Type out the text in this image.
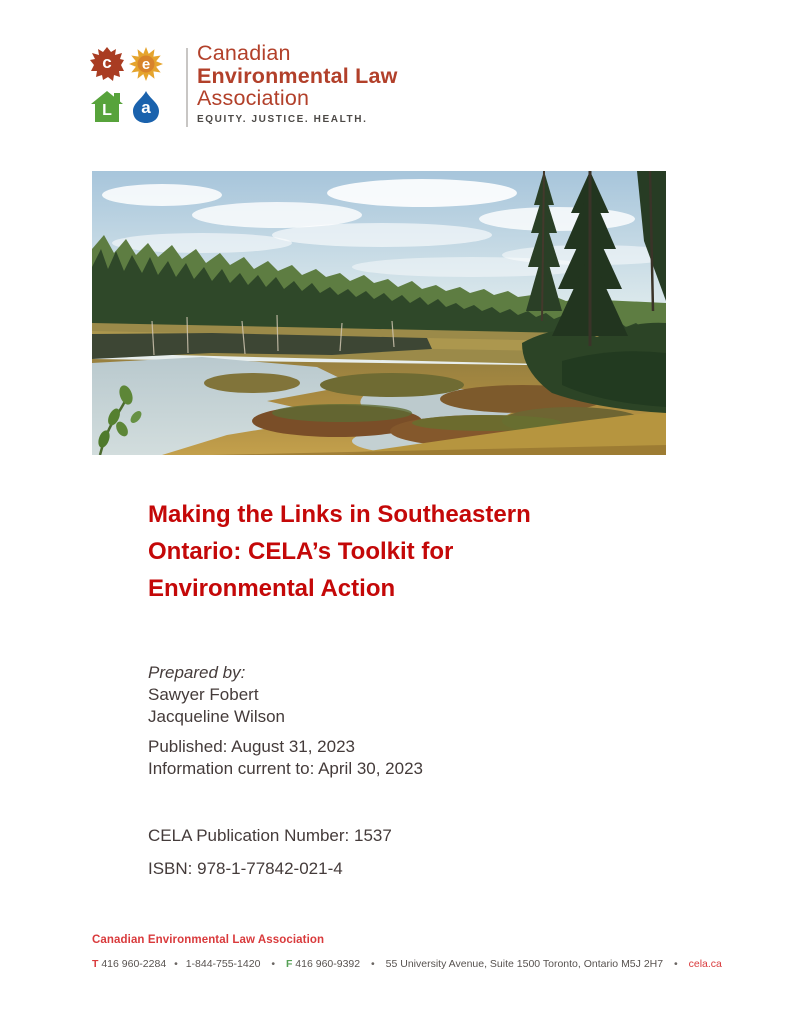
c	e
L	a
Canadian
Environmental Law
Association
EQUITY. JUSTICE. HEALTH.
Making the Links in Southeastern
Ontario: CELA’s Toolkit for
Environmental Action
Prepared by:
Sawyer Fobert
Jacqueline Wilson
Published: August 31, 2023
Information current to: April 30, 2023
CELA Publication Number: 1537
ISBN: 978-1-77842-021-4
Canadian Environmental Law Association
T 416 960-2284 • 1-844-755-1420 • F 416 960-9392 • 55 University Avenue, Suite 1500 Toronto, Ontario M5J 2H7 • cela.ca
